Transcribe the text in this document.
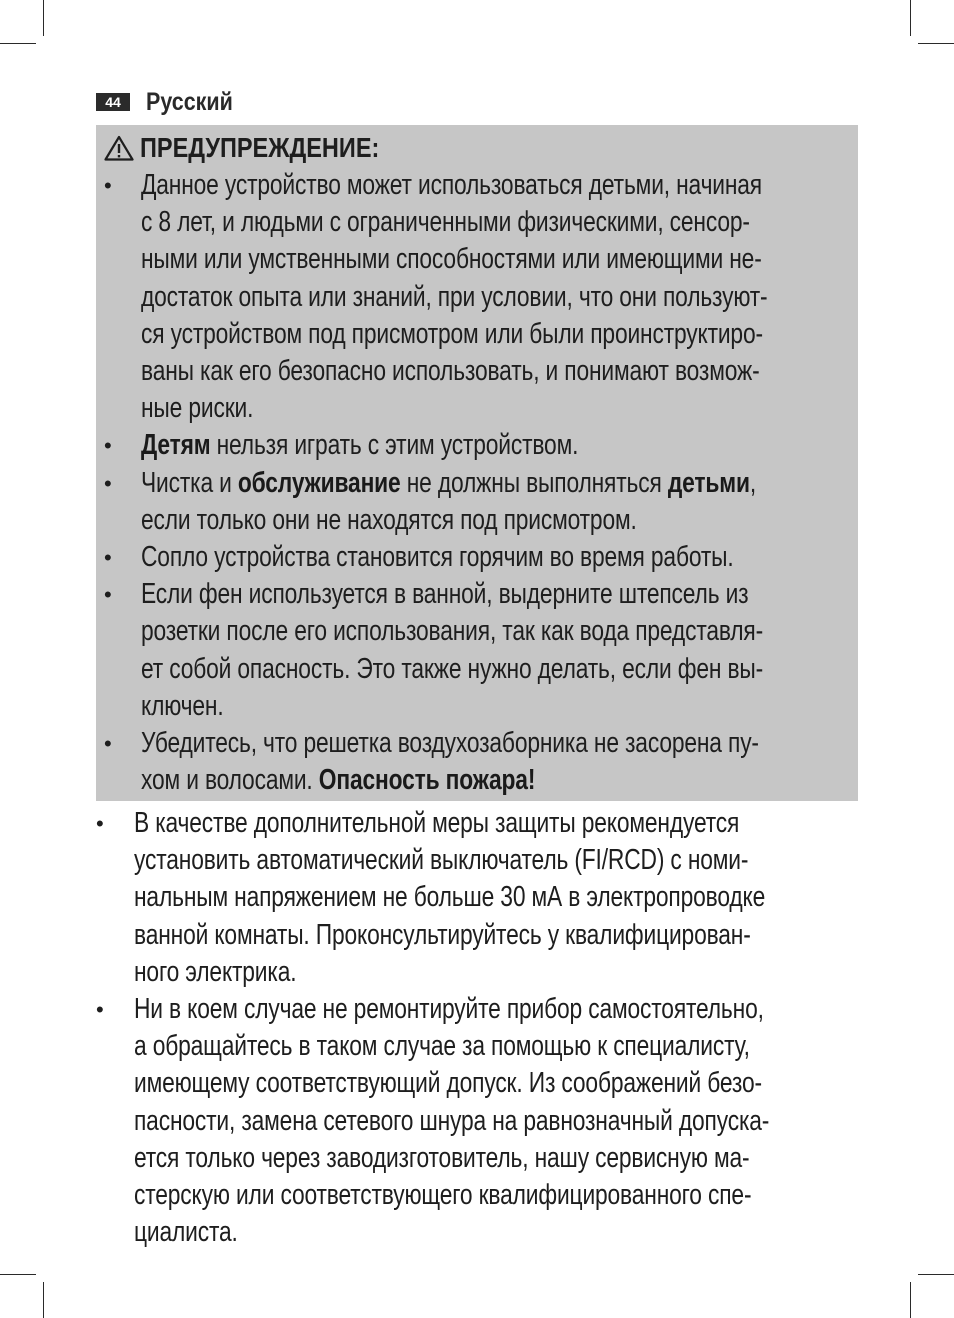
44	Русский
ПРЕДУПРЕЖДЕНИЕ:
• Данное устройство может использоваться детьми, начиная
с 8 лет, и людьми с ограниченными физическими, сенсор-
ными или умственными способностями или имеющими не-
достаток опыта или знаний, при условии, что они пользуют-
ся устройством под присмотром или были проинструктиро-
ваны как его безопасно использовать, и понимают возмож-
ные риски.
• Детям нельзя играть с этим устройством.
• Чистка и обслуживание не должны выполняться детьми,
если только они не находятся под присмотром.
• Сопло устройства становится горячим во время работы.
• Если фен используется в ванной, выдерните штепсель из
розетки после его использования, так как вода представля-
ет собой опасность. Это также нужно делать, если фен вы-
ключен.
• Убедитесь, что решетка воздухозаборника не засорена пу-
хом и волосами. Опасность пожара!
• В качестве дополнительной меры защиты рекомендуется
установить автоматический выключатель (FI/RCD) с номи-
нальным напряжением не больше 30 мА в электропроводке
ванной комнаты. Проконсультируйтесь у квалифицирован-
ного электрика.
• Ни в коем случае не ремонтируйте прибор самостоятельно,
а обращайтесь в таком случае за помощью к специалисту,
имеющему соответствующий допуск. Из соображений безо-
пасности, замена сетевого шнура на равнозначный допуска-
ется только через заводизготовитель, нашу сервисную ма-
стерскую или соответствующего квалифицированного спе-
циалиста.
